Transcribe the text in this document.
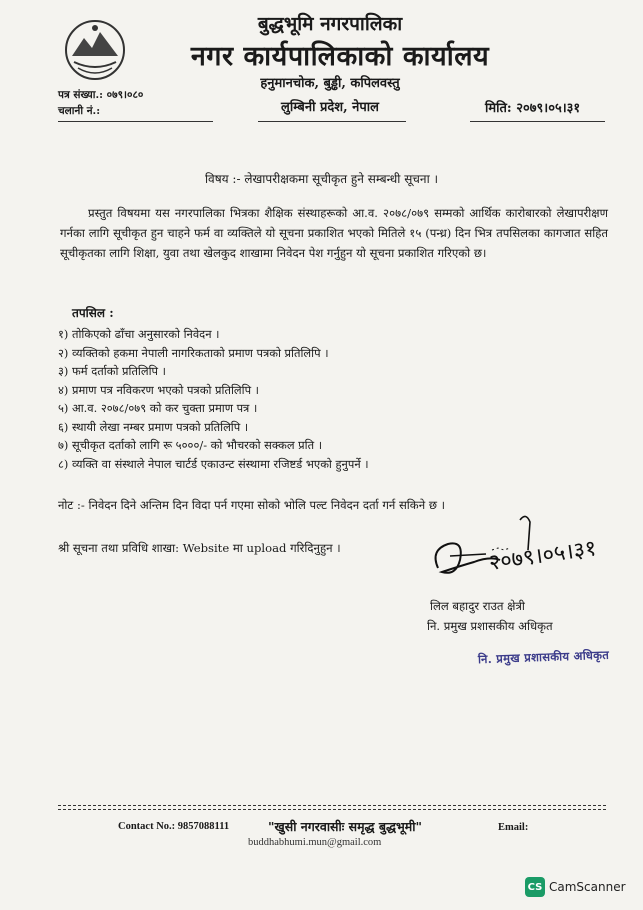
बुद्धभूमि नगरपालिका
नगर कार्यपालिकाको कार्यालय
हनुमानचोक, बुड्ढी, कपिलवस्तु
लुम्बिनी प्रदेश, नेपाल
पत्र संख्या.: ०७९।०८०
चलानी नं.:	मिति: २०७९।०५।३१
विषय :- लेखापरीक्षकमा सूचीकृत हुने सम्बन्धी सूचना ।

प्रस्तुत विषयमा यस नगरपालिका भित्रका शैक्षिक संस्थाहरूको आ.व. २०७८/०७९ सम्मको आर्थिक कारोबारको लेखापरीक्षण गर्नका लागि सूचीकृत हुन चाहने फर्म वा व्यक्तिले यो सूचना प्रकाशित भएको मितिले १५ (पन्ध्र) दिन भित्र तपसिलका कागजात सहित सूचीकृतका लागि शिक्षा, युवा तथा खेलकुद शाखामा निवेदन पेश गर्नुहुन यो सूचना प्रकाशित गरिएको छ।

तपसिल :
१) तोकिएको ढाँचा अनुसारको निवेदन ।
२) व्यक्तिको हकमा नेपाली नागरिकताको प्रमाण पत्रको प्रतिलिपि ।
३) फर्म दर्ताको प्रतिलिपि ।
४) प्रमाण पत्र नविकरण भएको पत्रको प्रतिलिपि ।
५) आ.व. २०७८/०७९ को कर चुक्ता प्रमाण पत्र ।
६) स्थायी लेखा नम्बर प्रमाण पत्रको प्रतिलिपि ।
७) सूचीकृत दर्ताको लागि रू ५०००/- को भौचरको सक्कल प्रति ।
८) व्यक्ति वा संस्थाले नेपाल चार्टर्ड एकाउन्ट संस्थामा रजिष्टर्ड भएको हुनुपर्ने ।
नोट :- निवेदन दिने अन्तिम दिन विदा पर्न गएमा सोको भोलि पल्ट निवेदन दर्ता गर्न सकिने छ ।
श्री सूचना तथा प्रविधि शाखा: Website मा upload गरिदिनुहुन ।	२०७९।०५।३१
लिल बहादुर राउत क्षेत्री
नि. प्रमुख प्रशासकीय अधिकृत
नि. प्रमुख प्रशासकीय अधिकृत
Contact No.: 9857088111	"खुसी नगरवासीः समृद्ध बुद्धभूमी"	Email:
buddhabhumi.mun@gmail.com
CS CamScanner
